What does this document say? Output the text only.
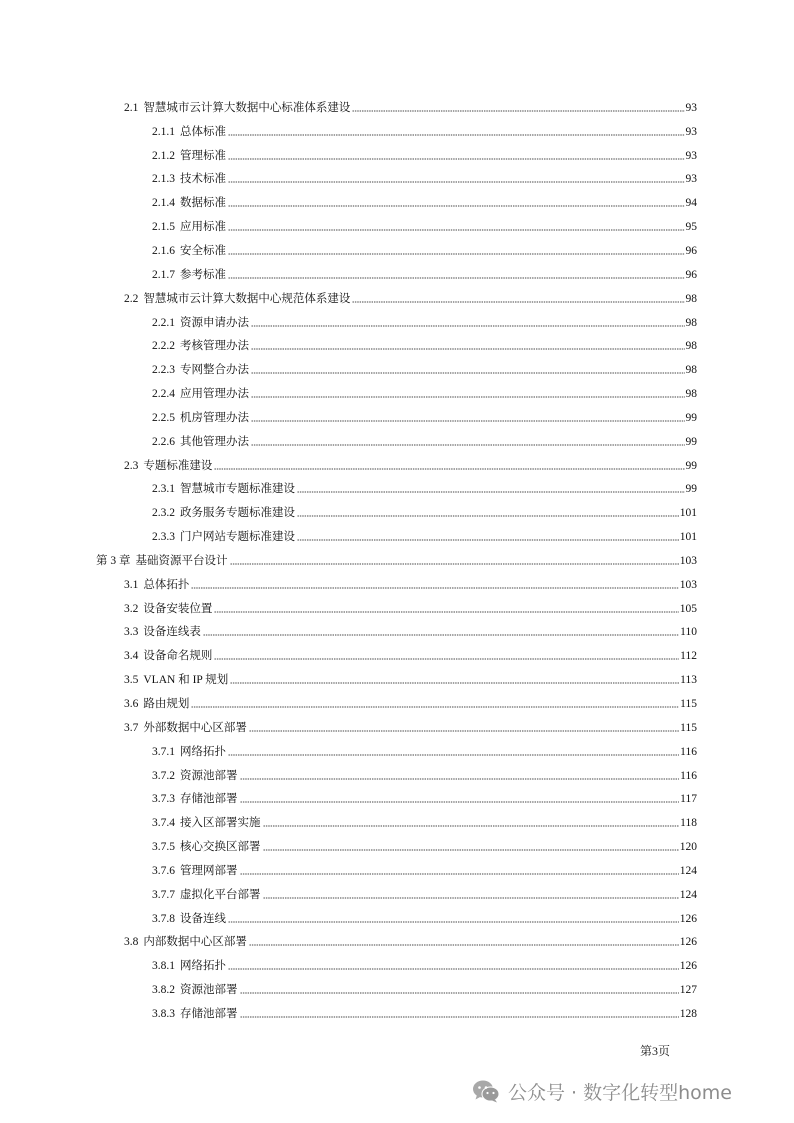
2.1 智慧城市云计算大数据中心标准体系建设	93
2.1.1 总体标准	93
2.1.2 管理标准	93
2.1.3 技术标准	93
2.1.4 数据标准	94
2.1.5 应用标准	95
2.1.6 安全标准	96
2.1.7 参考标准	96
2.2 智慧城市云计算大数据中心规范体系建设	98
2.2.1 资源申请办法	98
2.2.2 考核管理办法	98
2.2.3 专网整合办法	98
2.2.4 应用管理办法	98
2.2.5 机房管理办法	99
2.2.6 其他管理办法	99
2.3 专题标准建设	99
2.3.1 智慧城市专题标准建设	99
2.3.2 政务服务专题标准建设	101
2.3.3 门户网站专题标准建设	101
第 3 章 基础资源平台设计	103
3.1 总体拓扑	103
3.2 设备安装位置	105
3.3 设备连线表	110
3.4 设备命名规则	112
3.5 VLAN 和 IP 规划	113
3.6 路由规划	115
3.7 外部数据中心区部署	115
3.7.1 网络拓扑	116
3.7.2 资源池部署	116
3.7.3 存储池部署	117
3.7.4 接入区部署实施	118
3.7.5 核心交换区部署	120
3.7.6 管理网部署	124
3.7.7 虚拟化平台部署	124
3.7.8 设备连线	126
3.8 内部数据中心区部署	126
3.8.1 网络拓扑	126
3.8.2 资源池部署	127
3.8.3 存储池部署	128
第3页
公众号 · 数字化转型home
